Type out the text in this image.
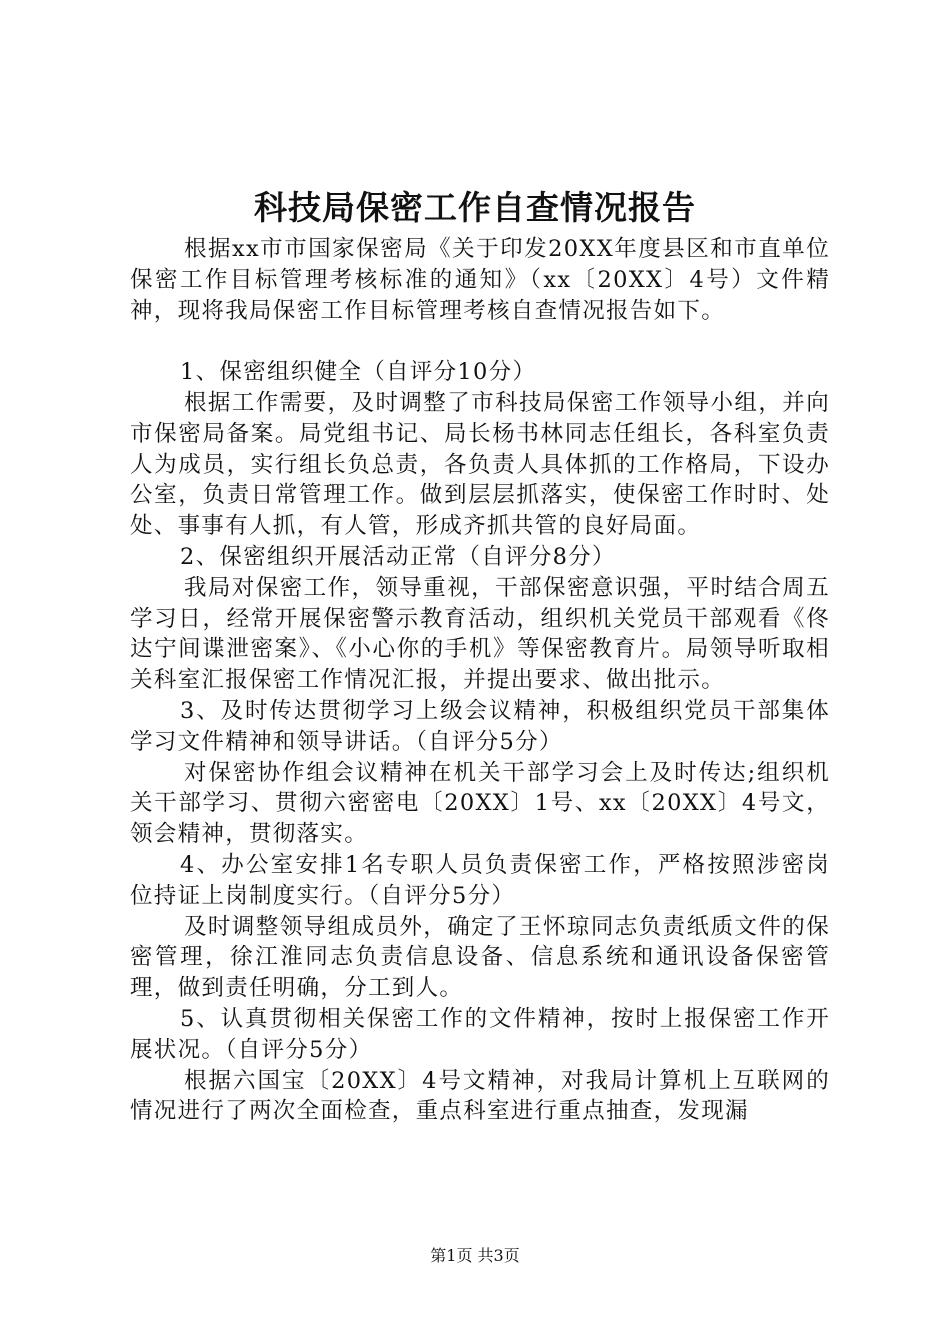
科技局保密工作自查情况报告

根据xx市市国家保密局《关于印发20XX年度县区和市直单位保密工作目标管理考核标准的通知》（xx〔20XX〕4号）文件精神，现将我局保密工作目标管理考核自查情况报告如下。

1、保密组织健全（自评分10分）

根据工作需要，及时调整了市科技局保密工作领导小组，并向市保密局备案。局党组书记、局长杨书林同志任组长，各科室负责人为成员，实行组长负总责，各负责人具体抓的工作格局，下设办公室，负责日常管理工作。做到层层抓落实，使保密工作时时、处处、事事有人抓，有人管，形成齐抓共管的良好局面。

2、保密组织开展活动正常（自评分8分）

我局对保密工作，领导重视，干部保密意识强，平时结合周五学习日，经常开展保密警示教育活动，组织机关党员干部观看《佟达宁间谍泄密案》、《小心你的手机》等保密教育片。局领导听取相关科室汇报保密工作情况汇报，并提出要求、做出批示。

3、及时传达贯彻学习上级会议精神，积极组织党员干部集体学习文件精神和领导讲话。（自评分5分）

对保密协作组会议精神在机关干部学习会上及时传达;组织机关干部学习、贯彻六密密电〔20XX〕1号、xx〔20XX〕4号文，领会精神，贯彻落实。

4、办公室安排1名专职人员负责保密工作，严格按照涉密岗位持证上岗制度实行。（自评分5分）

及时调整领导组成员外，确定了王怀琼同志负责纸质文件的保密管理，徐江淮同志负责信息设备、信息系统和通讯设备保密管理，做到责任明确，分工到人。

5、认真贯彻相关保密工作的文件精神，按时上报保密工作开展状况。（自评分5分）

根据六国宝〔20XX〕4号文精神，对我局计算机上互联网的情况进行了两次全面检查，重点科室进行重点抽查，发现漏

第1页 共3页
